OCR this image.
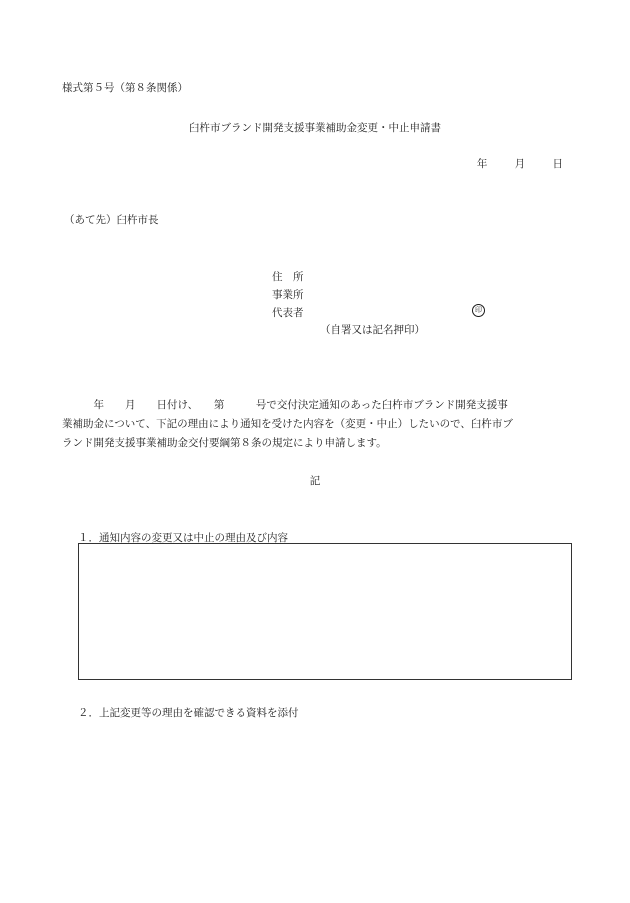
様式第５号（第８条関係）
臼杵市ブランド開発支援事業補助金変更・中止申請書
年	月	日
（あて先）臼杵市長
住　所
事業所
代表者	印
（自署又は記名押印）

　　　年　　月　　日付け、　　第　　　号で交付決定通知のあった臼杵市ブランド開発支援事

業補助金について、下記の理由により通知を受けた内容を（変更・中止）したいので、臼杵市ブ

ランド開発支援事業補助金交付要綱第８条の規定により申請します。

記
１．通知内容の変更又は中止の理由及び内容
２．上記変更等の理由を確認できる資料を添付
